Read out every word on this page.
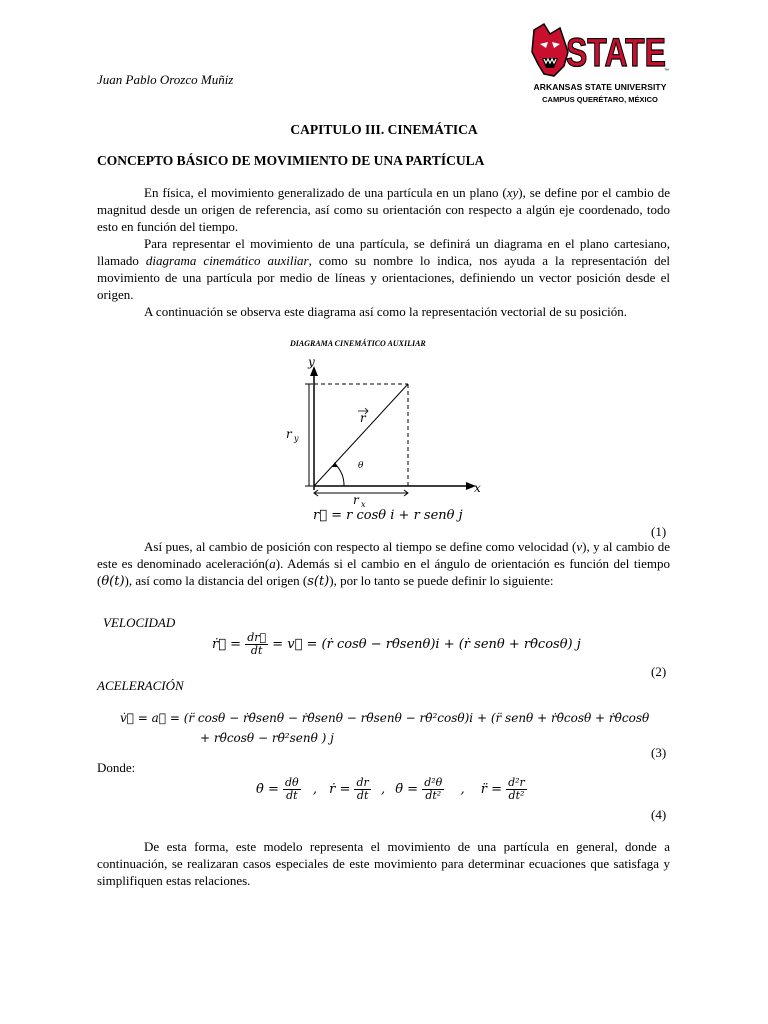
Juan Pablo Orozco Muñiz
STATE
™
ARKANSAS STATE UNIVERSITY
CAMPUS QUERÉTARO, MÉXICO
CAPITULO III. CINEMÁTICA
CONCEPTO BÁSICO DE MOVIMIENTO DE UNA PARTÍCULA

En física, el movimiento generalizado de una partícula en un plano (xy), se define por el cambio de magnitud desde un origen de referencia, así como su orientación con respecto a algún eje coordenado, todo esto en función del tiempo.

Para representar el movimiento de una partícula, se definirá un diagrama en el plano cartesiano, llamado diagrama cinemático auxiliar, como su nombre lo indica, nos ayuda a la representación del movimiento de una partícula por medio de líneas y orientaciones, definiendo un vector posición desde el origen.

A continuación se observa este diagrama así como la representación vectorial de su posición.

DIAGRAMA CINEMÁTICO AUXILIAR
y
x
r
θ
r y
r x
r⃗ = r cosθ i + r senθ j
(1)

Así pues, al cambio de posición con respecto al tiempo se define como velocidad (v), y al cambio de este es denominado aceleración(a). Además si el cambio en el ángulo de orientación es función del tiempo (θ(t)), así como la distancia del origen (s(t)), por lo tanto se puede definir lo siguiente:

VELOCIDAD
ṙ⃗ = $\frac{dr⃗}{dt}$ = v⃗ = (ṙ cosθ − rθ̇senθ)i + (ṙ senθ + rθ̇cosθ) j
(2)
ACELERACIÓN
v̇⃗ = a⃗ = (r̈ cosθ − ṙθ̇senθ − ṙθ̇senθ − rθ̈senθ − rθ̇²cosθ)i + (r̈ senθ + ṙθ̇cosθ + ṙθ̇cosθ
+ rθ̈cosθ − rθ̇²senθ ) j
(3)
Donde:
θ̇ = $\frac{d\theta}{dt}$ , ṙ = $\frac{dr}{dt}$ , θ̈ = $\frac{\text{d²θ}}{\text{dt²}}$ , r̈ = $\frac{\text{d²r}}{\text{dt²}}$
(4)

De esta forma, este modelo representa el movimiento de una partícula en general, donde a continuación, se realizaran casos especiales de este movimiento para determinar ecuaciones que satisfaga y simplifiquen estas relaciones.
